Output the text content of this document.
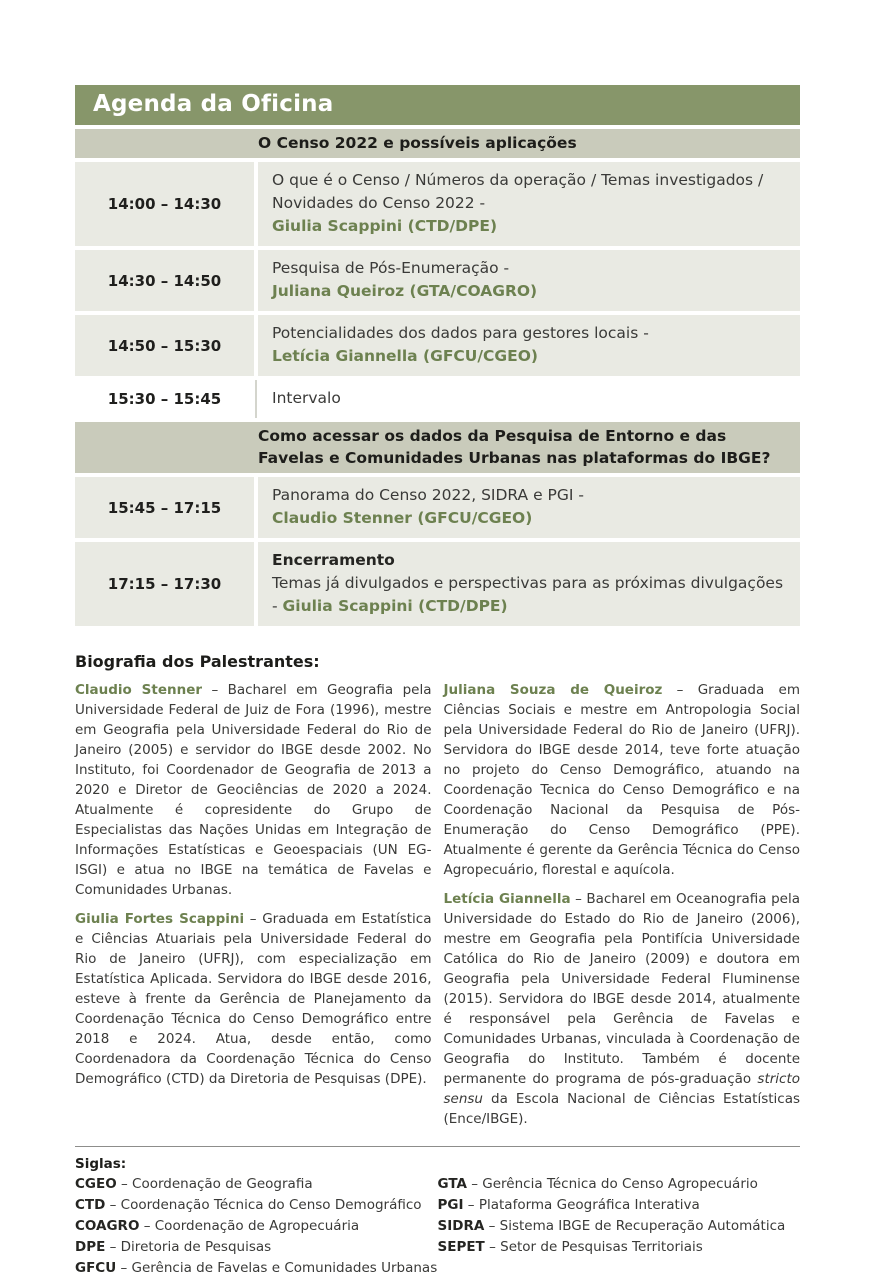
Agenda da Oficina
O Censo 2022 e possíveis aplicações
14:00 – 14:30
O que é o Censo / Números da operação / Temas investigados / Novidades do Censo 2022 -
Giulia Scappini (CTD/DPE)
14:30 – 14:50
Pesquisa de Pós-Enumeração -
Juliana Queiroz (GTA/COAGRO)
14:50 – 15:30
Potencialidades dos dados para gestores locais -
Letícia Giannella (GFCU/CGEO)
15:30 – 15:45	Intervalo
Como acessar os dados da Pesquisa de Entorno e das Favelas e Comunidades Urbanas nas plataformas do IBGE?
15:45 – 17:15
Panorama do Censo 2022, SIDRA e PGI -
Claudio Stenner (GFCU/CGEO)
17:15 – 17:30
Encerramento
Temas já divulgados e perspectivas para as próximas divulgações - Giulia Scappini (CTD/DPE)
Biografia dos Palestrantes:

Claudio Stenner – Bacharel em Geografia pela Universidade Federal de Juiz de Fora (1996), mestre em Geografia pela Universidade Federal do Rio de Janeiro (2005) e servidor do IBGE desde 2002. No Instituto, foi Coordenador de Geografia de 2013 a 2020 e Diretor de Geociências de 2020 a 2024. Atualmente é copresidente do Grupo de Especialistas das Nações Unidas em Integração de Informações Estatísticas e Geoespaciais (UN EG-ISGI) e atua no IBGE na temática de Favelas e Comunidades Urbanas.

Giulia Fortes Scappini – Graduada em Estatística e Ciências Atuariais pela Universidade Federal do Rio de Janeiro (UFRJ), com especialização em Estatística Aplicada. Servidora do IBGE desde 2016, esteve à frente da Gerência de Planejamento da Coordenação Técnica do Censo Demográfico entre 2018 e 2024. Atua, desde então, como Coordenadora da Coordenação Técnica do Censo Demográfico (CTD) da Diretoria de Pesquisas (DPE).

Juliana Souza de Queiroz – Graduada em Ciências Sociais e mestre em Antropologia Social pela Universidade Federal do Rio de Janeiro (UFRJ). Servidora do IBGE desde 2014, teve forte atuação no projeto do Censo Demográfico, atuando na Coordenação Tecnica do Censo Demográfico e na Coordenação Nacional da Pesquisa de Pós-Enumeração do Censo Demográfico (PPE). Atualmente é gerente da Gerência Técnica do Censo Agropecuário, florestal e aquícola.

Letícia Giannella – Bacharel em Oceanografia pela Universidade do Estado do Rio de Janeiro (2006), mestre em Geografia pela Pontifícia Universidade Católica do Rio de Janeiro (2009) e doutora em Geografia pela Universidade Federal Fluminense (2015). Servidora do IBGE desde 2014, atualmente é responsável pela Gerência de Favelas e Comunidades Urbanas, vinculada à Coordenação de Geografia do Instituto. Também é docente permanente do programa de pós-graduação stricto sensu da Escola Nacional de Ciências Estatísticas (Ence/IBGE).

Siglas:
CGEO – Coordenação de Geografia
CTD – Coordenação Técnica do Censo Demográfico
COAGRO – Coordenação de Agropecuária
DPE – Diretoria de Pesquisas
GFCU – Gerência de Favelas e Comunidades Urbanas
GTA – Gerência Técnica do Censo Agropecuário
PGI – Plataforma Geográfica Interativa
SIDRA – Sistema IBGE de Recuperação Automática
SEPET – Setor de Pesquisas Territoriais
